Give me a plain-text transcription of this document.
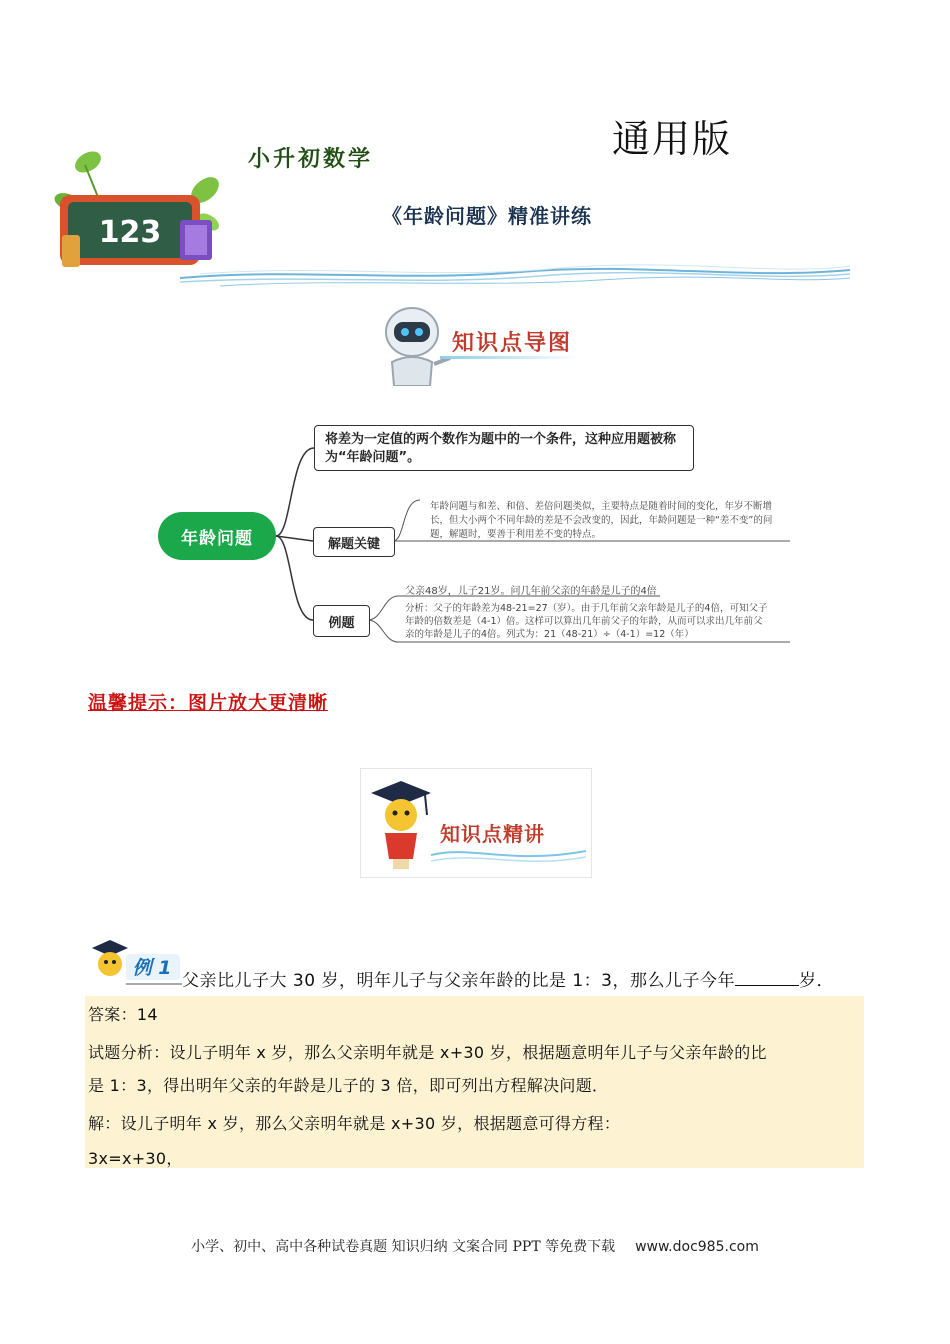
通用版
小升初数学
《年龄问题》精准讲练
123
知识点导图
年龄问题
将差为一定值的两个数作为题中的一个条件，这种应用题被称为“年龄问题”。
解题关键
年龄问题与和差、和倍、差倍问题类似，主要特点是随着时间的变化，年岁不断增长，但大小两个不同年龄的差是不会改变的，因此，年龄问题是一种“差不变”的问题，解题时，要善于利用差不变的特点。
例题
父亲48岁，儿子21岁。问几年前父亲的年龄是儿子的4倍
分析：父子的年龄差为48-21=27（岁）。由于几年前父亲年龄是儿子的4倍，可知父子年龄的倍数差是（4-1）倍。这样可以算出几年前父子的年龄，从而可以求出几年前父亲的年龄是儿子的4倍。列式为：21（48-21）÷（4-1）=12（年）
温馨提示：图片放大更清晰
知识点精讲
例 1
父亲比儿子大 30 岁，明年儿子与父亲年龄的比是 1：3，那么儿子今年	岁．
答案：14
试题分析：设儿子明年 x 岁，那么父亲明年就是 x+30 岁，根据题意明年儿子与父亲年龄的比
是 1：3，得出明年父亲的年龄是儿子的 3 倍，即可列出方程解决问题．
解：设儿子明年 x 岁，那么父亲明年就是 x+30 岁，根据题意可得方程：
3x=x+30，
小学、初中、高中各种试卷真题 知识归纳 文案合同 PPT 等免费下载 www.doc985.com
